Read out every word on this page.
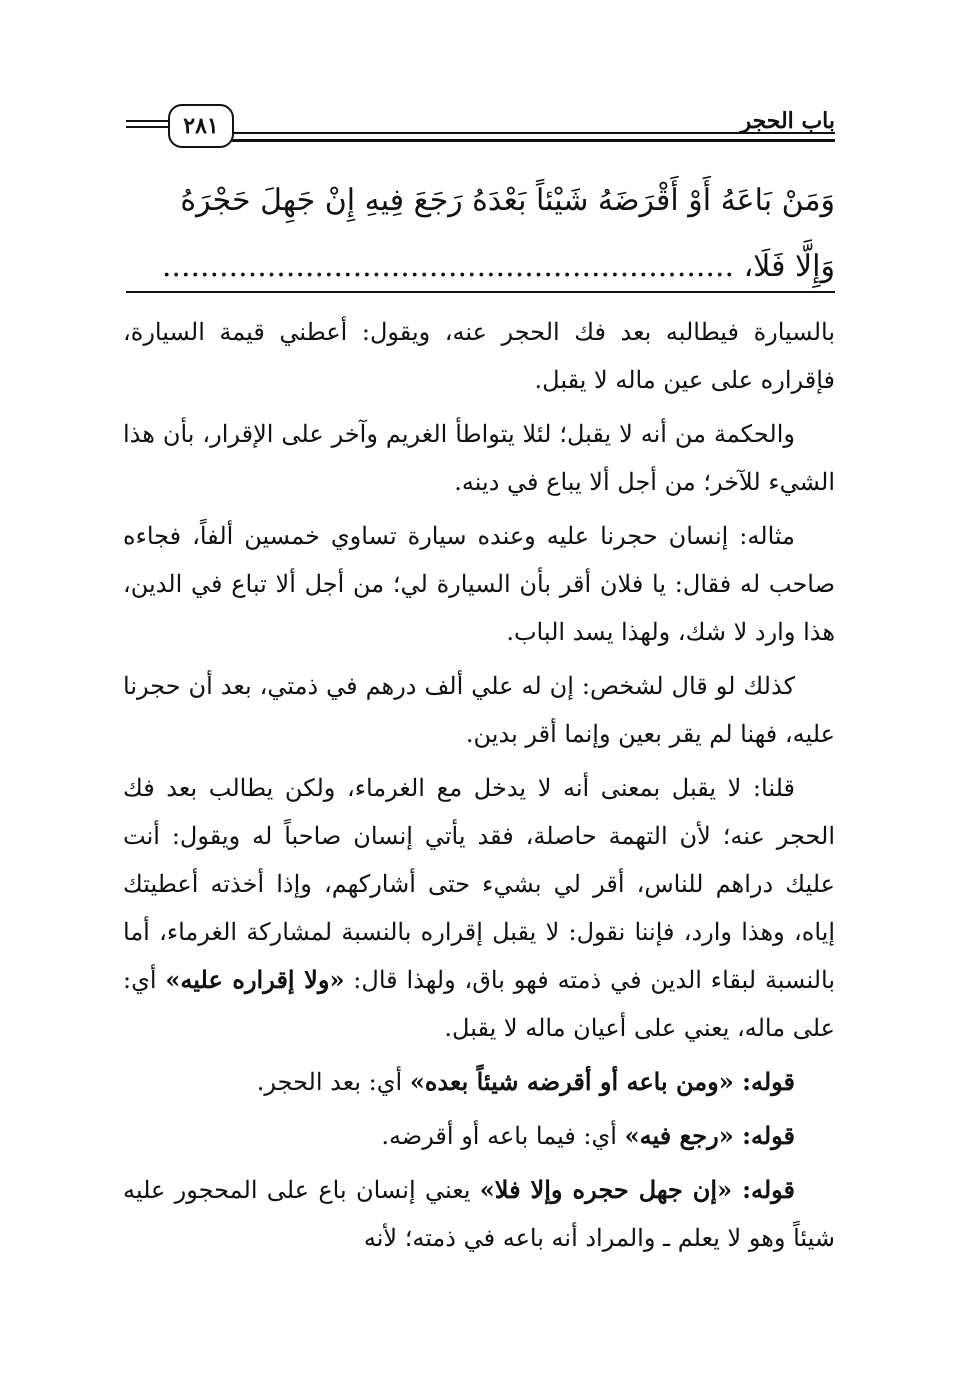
باب الحجر
٢٨١
وَمَنْ بَاعَهُ أَوْ أَقْرَضَهُ شَيْئاً بَعْدَهُ رَجَعَ فِيهِ إِنْ جَهِلَ حَجْرَهُ
وَإِلَّا فَلَا، ............................................................

بالسيارة فيطالبه بعد فك الحجر عنه، ويقول: أعطني قيمة السيارة، فإقراره على عين ماله لا يقبل.

والحكمة من أنه لا يقبل؛ لئلا يتواطأ الغريم وآخر على الإقرار، بأن هذا الشيء للآخر؛ من أجل ألا يباع في دينه.

مثاله: إنسان حجرنا عليه وعنده سيارة تساوي خمسين ألفاً، فجاءه صاحب له فقال: يا فلان أقر بأن السيارة لي؛ من أجل ألا تباع في الدين، هذا وارد لا شك، ولهذا يسد الباب.

كذلك لو قال لشخص: إن له علي ألف درهم في ذمتي، بعد أن حجرنا عليه، فهنا لم يقر بعين وإنما أقر بدين.

قلنا: لا يقبل بمعنى أنه لا يدخل مع الغرماء، ولكن يطالب بعد فك الحجر عنه؛ لأن التهمة حاصلة، فقد يأتي إنسان صاحباً له ويقول: أنت عليك دراهم للناس، أقر لي بشيء حتى أشاركهم، وإذا أخذته أعطيتك إياه، وهذا وارد، فإننا نقول: لا يقبل إقراره بالنسبة لمشاركة الغرماء، أما بالنسبة لبقاء الدين في ذمته فهو باق، ولهذا قال: «ولا إقراره عليه» أي: على ماله، يعني على أعيان ماله لا يقبل.

قوله: «ومن باعه أو أقرضه شيئاً بعده» أي: بعد الحجر.

قوله: «رجع فيه» أي: فيما باعه أو أقرضه.

قوله: «إن جهل حجره وإلا فلا» يعني إنسان باع على المحجور عليه شيئاً وهو لا يعلم ـ والمراد أنه باعه في ذمته؛ لأنه
